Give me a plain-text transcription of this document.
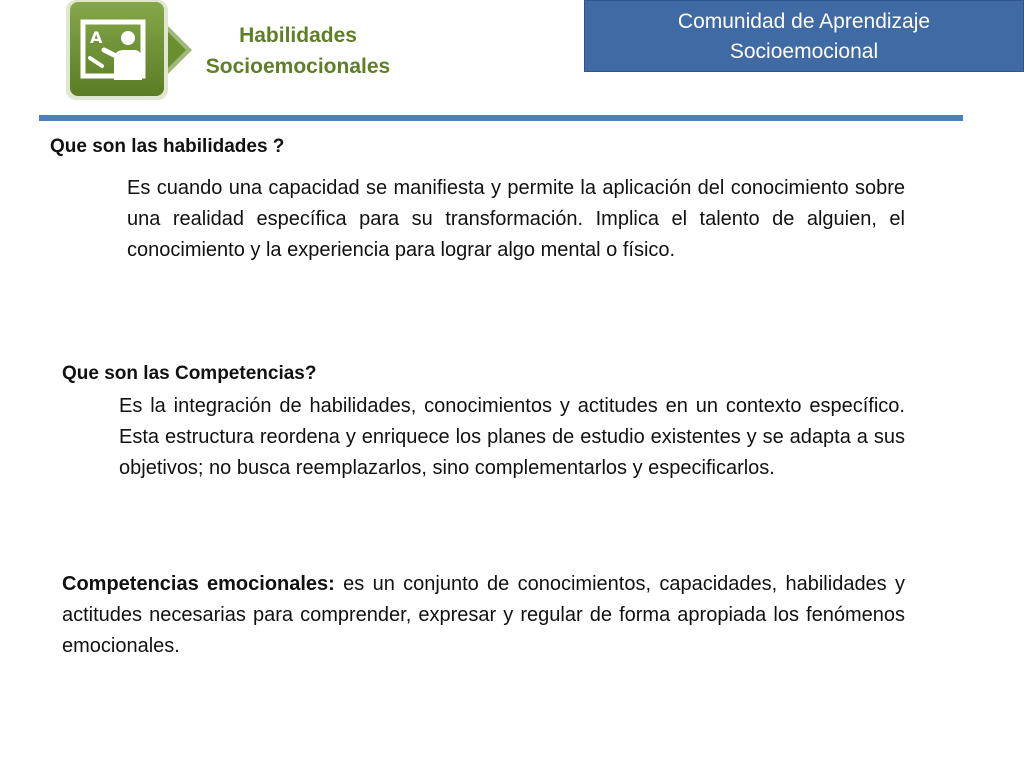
A	Habilidades
Socioemocionales
Comunidad de Aprendizaje
Socioemocional

Que son las habilidades ?

Es cuando una capacidad se manifiesta y permite la aplicación del conocimiento sobre una realidad específica para su transformación. Implica el talento de alguien, el conocimiento y la experiencia para lograr algo mental o físico.

Que son las Competencias?

Es la integración de habilidades, conocimientos y actitudes en un contexto específico. Esta estructura reordena y enriquece los planes de estudio existentes y se adapta a sus objetivos; no busca reemplazarlos, sino complementarlos y especificarlos.

Competencias emocionales: es un conjunto de conocimientos, capacidades, habilidades y actitudes necesarias para comprender, expresar y regular de forma apropiada los fenómenos emocionales.
